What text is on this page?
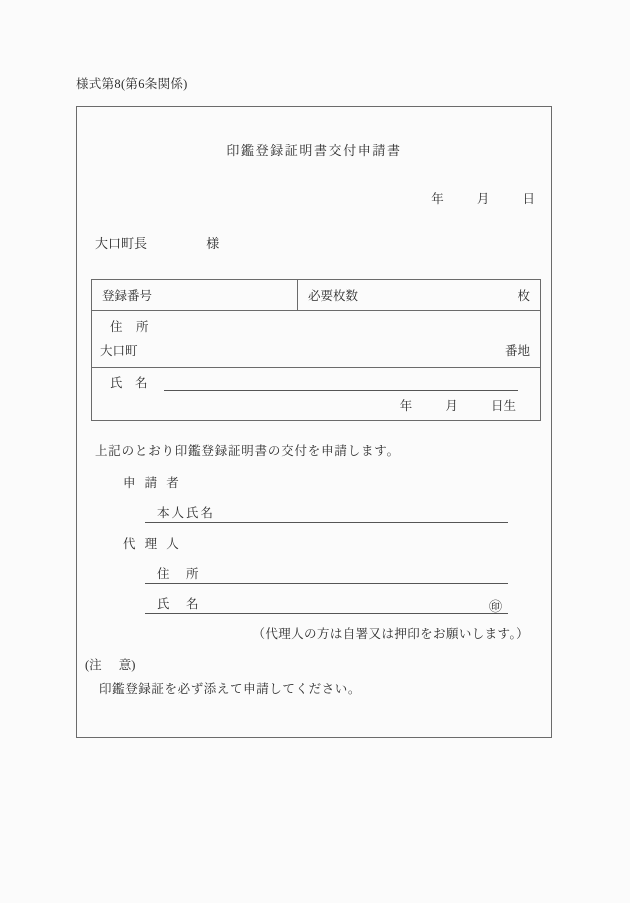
様式第8(第6条関係)
印鑑登録証明書交付申請書
年	月	日
大口町長	様
登録番号	必要枚数	枚

住　所
大口町	番地

氏　名
年	月	日生
上記のとおり印鑑登録証明書の交付を申請します。
申 請 者
本人氏名
代 理 人
住　所
氏　名	㊞
（代理人の方は自署又は押印をお願いします。）
(注 意)
印鑑登録証を必ず添えて申請してください。
